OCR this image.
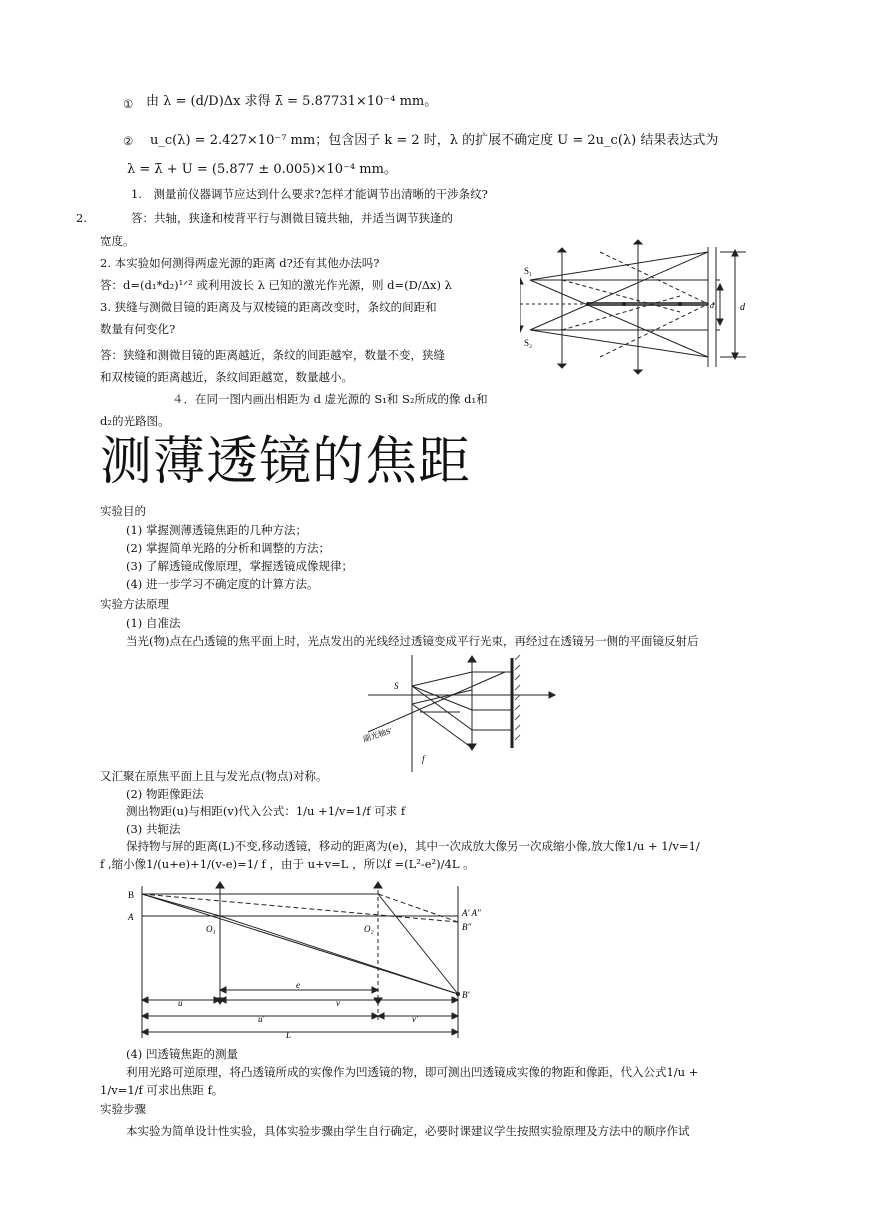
① 由 λ = (d/D)Δx 求得 λ̄ = 5.87731×10⁻⁴ mm。
② u_c(λ) = 2.427×10⁻⁷ mm；包含因子 k = 2 时，λ 的扩展不确定度 U = 2u_c(λ) 结果表达式为
λ = λ̄ + U = (5.877 ± 0.005)×10⁻⁴ mm。
1.　测量前仪器调节应达到什么要求?怎样才能调节出清晰的干涉条纹?
2.	答：共轴，狭逢和棱背平行与测微目镜共轴，并适当调节狭逢的
宽度。
2. 本实验如何测得两虚光源的距离 d?还有其他办法吗?
答：d=(d₁*d₂)¹ᐟ² 或利用波长 λ 已知的激光作光源，则 d=(D/Δx) λ
3. 狭缝与测微目镜的距离及与双棱镜的距离改变时，条纹的间距和
数量有何变化?
答：狭缝和测微目镜的距离越近，条纹的间距越窄，数量不变，狭缝
和双棱镜的距离越近，条纹间距越宽，数量越小。
４．在同一图内画出相距为 d 虚光源的 S₁和 S₂所成的像 d₁和
d₂的光路图。
S₁
S₂
d₁ d
测薄透镜的焦距
实验目的
(1) 掌握测薄透镜焦距的几种方法；
(2) 掌握简单光路的分析和调整的方法；
(3) 了解透镜成像原理，掌握透镜成像规律；
(4) 进一步学习不确定度的计算方法。
实验方法原理
(1) 自准法
当光(物)点在凸透镜的焦平面上时，光点发出的光线经过透镜变成平行光束，再经过在透镜另一侧的平面镜反射后
S
副光轴S'
f
又汇聚在原焦平面上且与发光点(物点)对称。
(2) 物距像距法
测出物距(u)与相距(v)代入公式：1/u +1/v=1/f 可求 f
(3) 共轭法
保持物与屏的距离(L)不变,移动透镜，移动的距离为(e)，其中一次成放大像另一次成缩小像,放大像1/u + 1/v=1/
f ,缩小像1/(u+e)+1/(v-e)=1/ f ，由于 u+v=L ，所以f =(L²-e²)/4L 。
B
A
O₁	O₂
A′ A″
B″
B′
e
u	v
u′	v′
L
(4) 凹透镜焦距的测量
利用光路可逆原理，将凸透镜所成的实像作为凹透镜的物，即可测出凹透镜成实像的物距和像距，代入公式1/u +
1/v=1/f 可求出焦距 f。
实验步骤
本实验为简单设计性实验，具体实验步骤由学生自行确定，必要时课建议学生按照实验原理及方法中的顺序作试
